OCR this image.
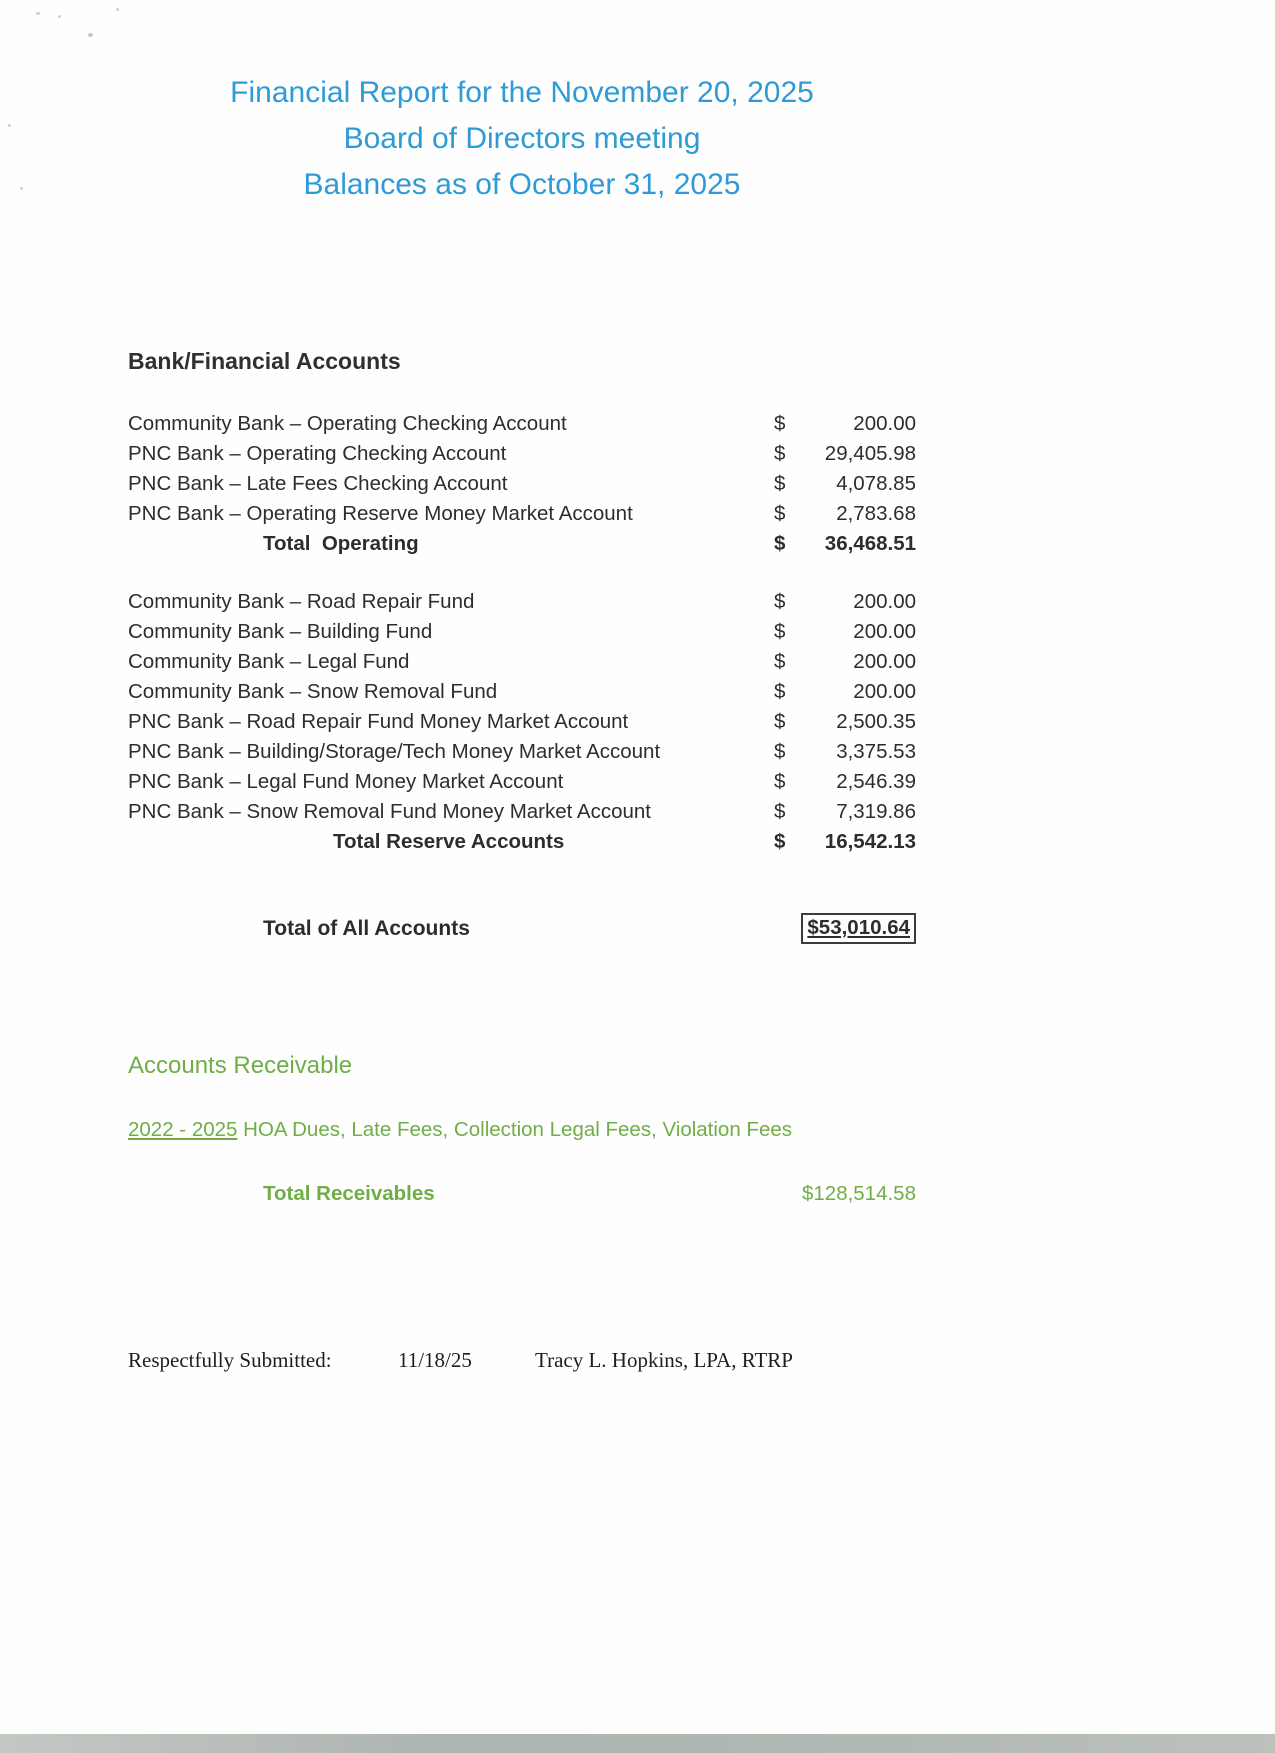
Financial Report for the November 20, 2025
Board of Directors meeting
Balances as of October 31, 2025
Bank/Financial Accounts
Community Bank – Operating Checking Account	$	200.00
PNC Bank – Operating Checking Account	$	29,405.98
PNC Bank – Late Fees Checking Account	$	4,078.85
PNC Bank – Operating Reserve Money Market Account	$	2,783.68
Total  Operating	$	36,468.51
Community Bank – Road Repair Fund	$	200.00
Community Bank – Building Fund	$	200.00
Community Bank – Legal Fund	$	200.00
Community Bank – Snow Removal Fund	$	200.00
PNC Bank – Road Repair Fund Money Market Account	$	2,500.35
PNC Bank – Building/Storage/Tech Money Market Account	$	3,375.53
PNC Bank – Legal Fund Money Market Account	$	2,546.39
PNC Bank – Snow Removal Fund Money Market Account	$	7,319.86
Total Reserve Accounts	$	16,542.13
Total of All Accounts	$53,010.64
Accounts Receivable
2022 - 2025 HOA Dues, Late Fees, Collection Legal Fees, Violation Fees
Total Receivables	$128,514.58
Respectfully Submitted:	11/18/25	Tracy L. Hopkins, LPA, RTRP
